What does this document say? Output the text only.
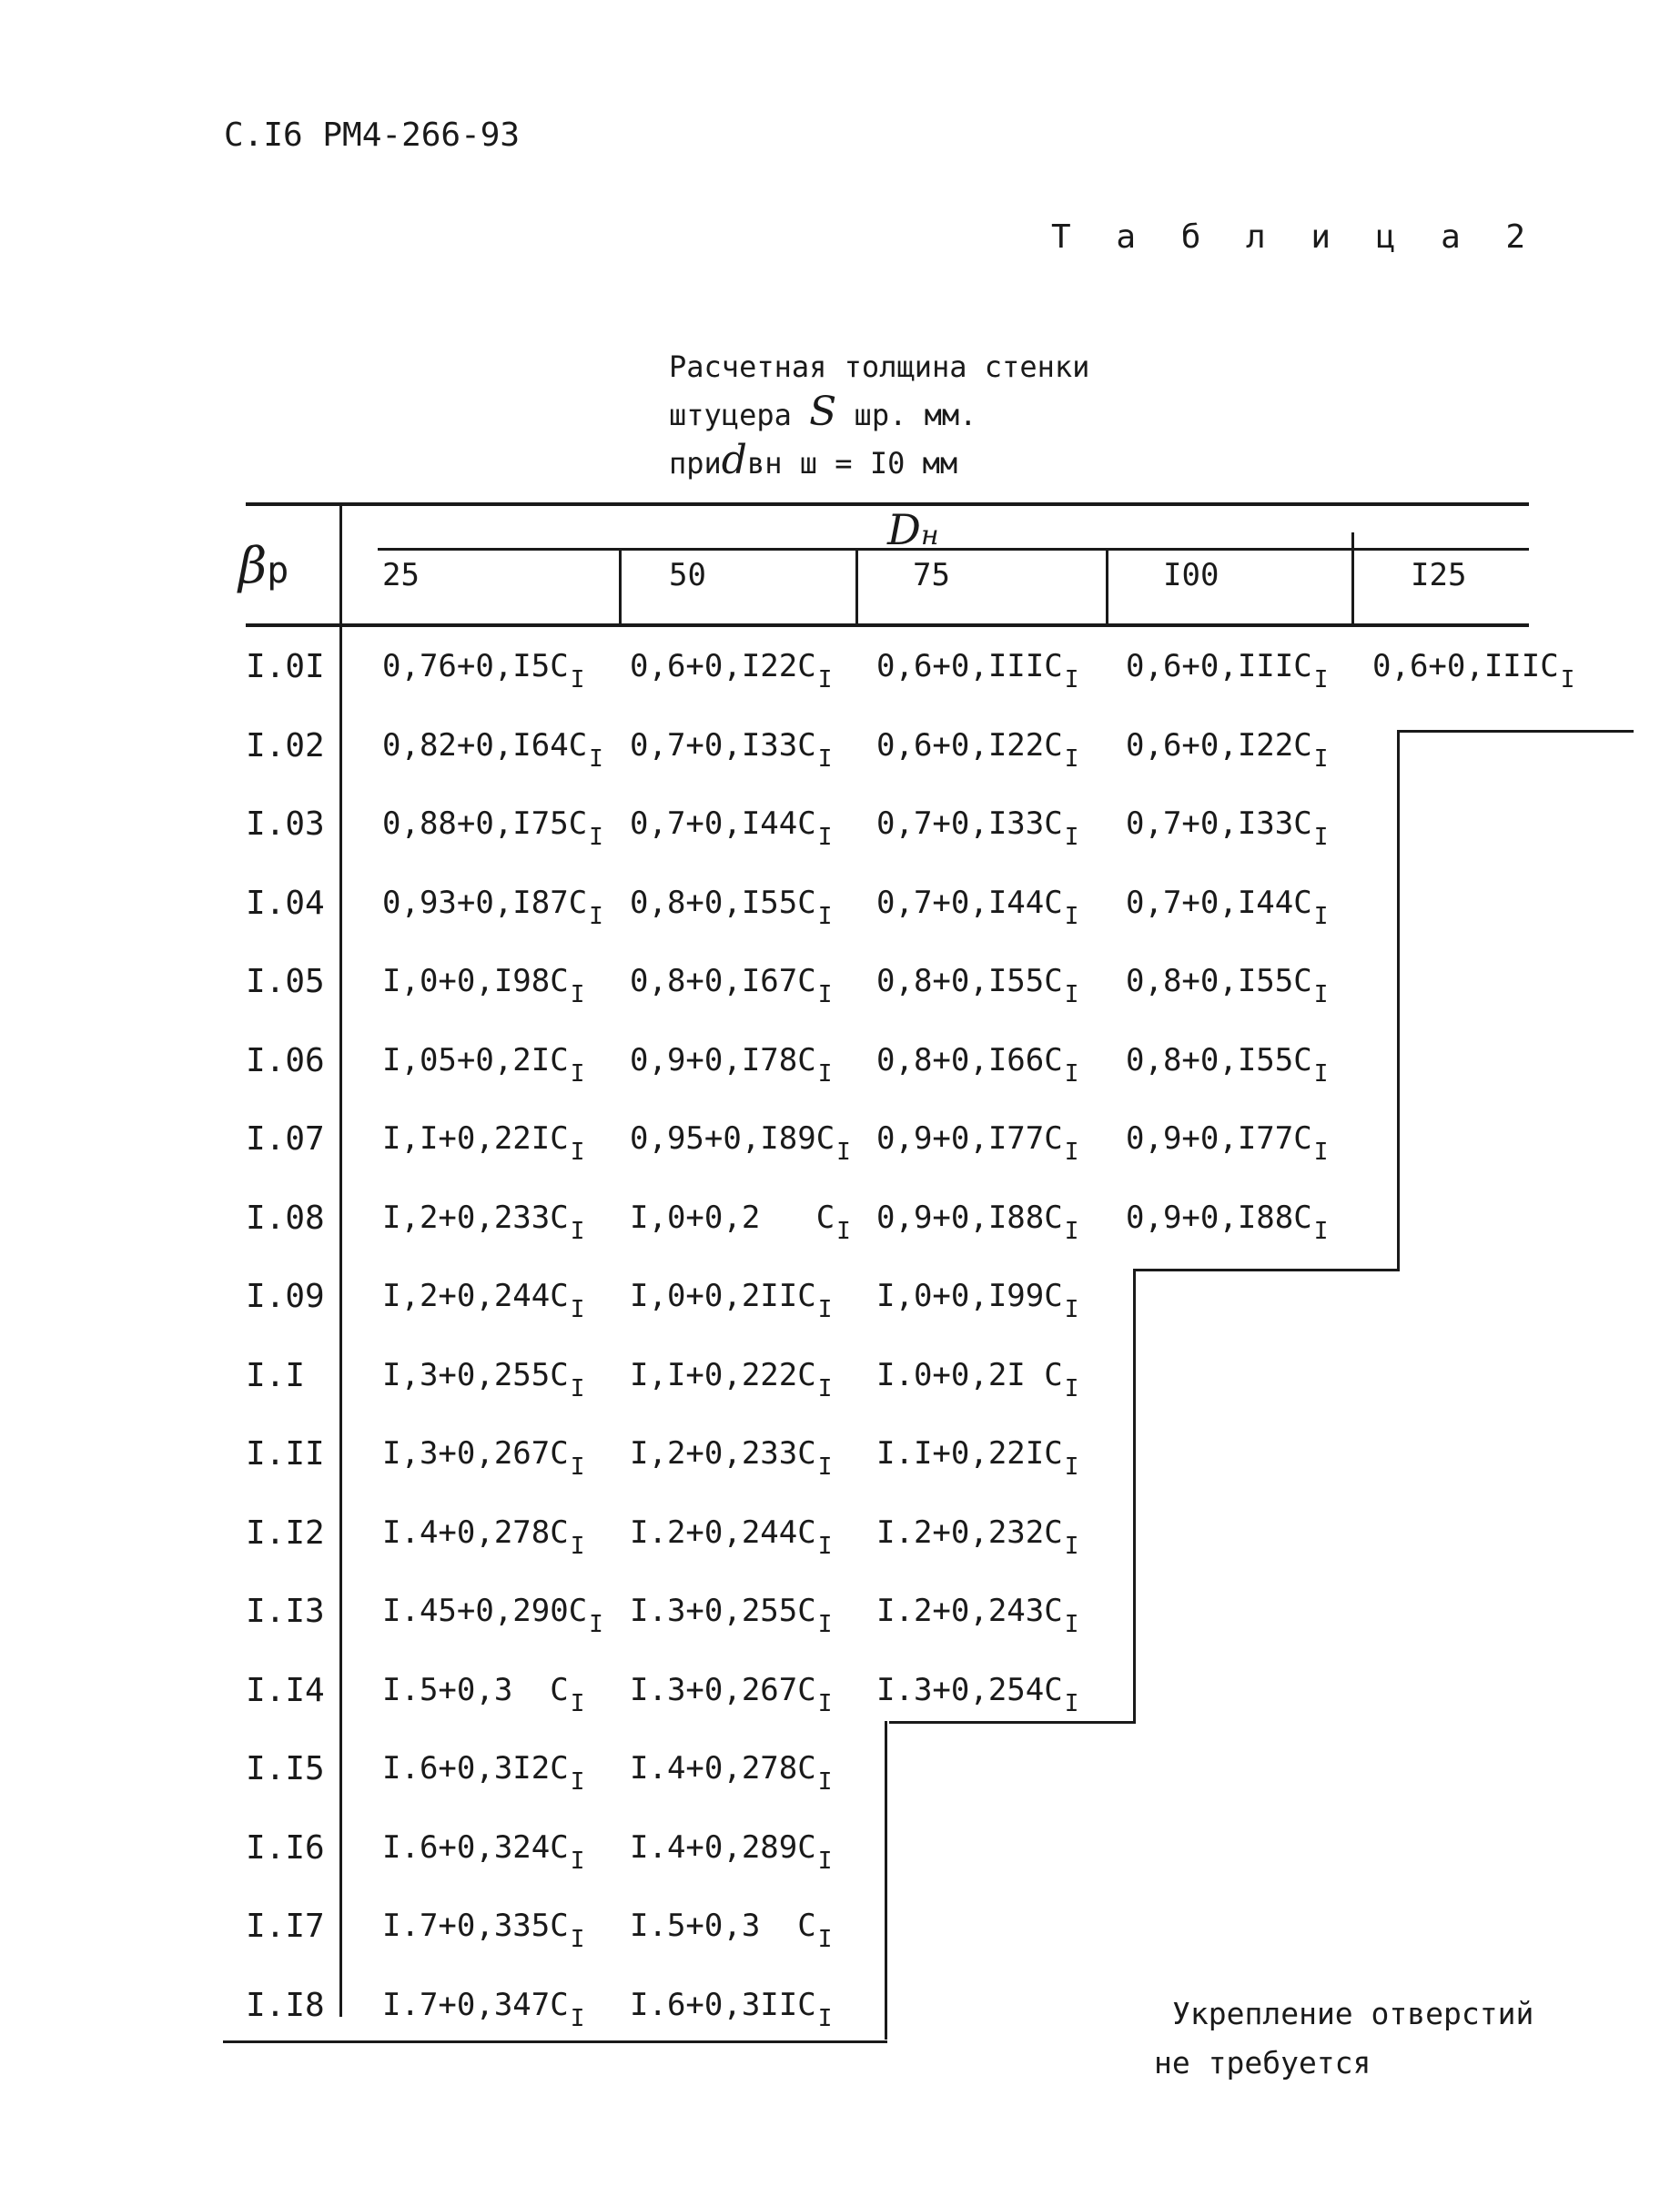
С.I6 PM4-266-93
Т а б л и ц а 2
Расчетная толщина стенки
штуцера S шр. мм.
приdвн ш = I0 мм
βр
Dн
25	50	75	I00	I25
I.0I $0,76+0,I5C_I$ $0,6+0,I22C_I$ $0,6+0,IIIC_I$ $0,6+0,IIIC_I$ $0,6+0,IIIC_I$
I.02 $0,82+0,I64C_I$ $0,7+0,I33C_I$ $0,6+0,I22C_I$ $0,6+0,I22C_I$
I.03 $0,88+0,I75C_I$ $0,7+0,I44C_I$ $0,7+0,I33C_I$ $0,7+0,I33C_I$
I.04 $0,93+0,I87C_I$ $0,8+0,I55C_I$ $0,7+0,I44C_I$ $0,7+0,I44C_I$
I.05 $I,0+0,I98C_I$ $0,8+0,I67C_I$ $0,8+0,I55C_I$ $0,8+0,I55C_I$
I.06 $I,05+0,2IC_I$ $0,9+0,I78C_I$ $0,8+0,I66C_I$ $0,8+0,I55C_I$
I.07 $I,I+0,22IC_I$ $0,95+0,I89C_I$ $0,9+0,I77C_I$ $0,9+0,I77C_I$
I.08 $I,2+0,233C_I$ I,0+0,2   $C_I$ $0,9+0,I88C_I$ $0,9+0,I88C_I$
I.09 $I,2+0,244C_I$ $I,0+0,2IIC_I$ $I,0+0,I99C_I$
I.I $I,3+0,255C_I$ $I,I+0,222C_I$ I.0+0,2I $C_I$
I.II $I,3+0,267C_I$ $I,2+0,233C_I$ $I.I+0,22IC_I$
I.I2 $I.4+0,278C_I$ $I.2+0,244C_I$ $I.2+0,232C_I$
I.I3 $I.45+0,290C_I$ $I.3+0,255C_I$ $I.2+0,243C_I$
I.I4 I.5+0,3  $C_I$ $I.3+0,267C_I$ $I.3+0,254C_I$
I.I5 $I.6+0,3I2C_I$ $I.4+0,278C_I$
I.I6 $I.6+0,324C_I$ $I.4+0,289C_I$
I.I7 $I.7+0,335C_I$ I.5+0,3  $C_I$
I.I8 $I.7+0,347C_I$ $I.6+0,3IIC_I$	Укрепление отверстий
не требуется
